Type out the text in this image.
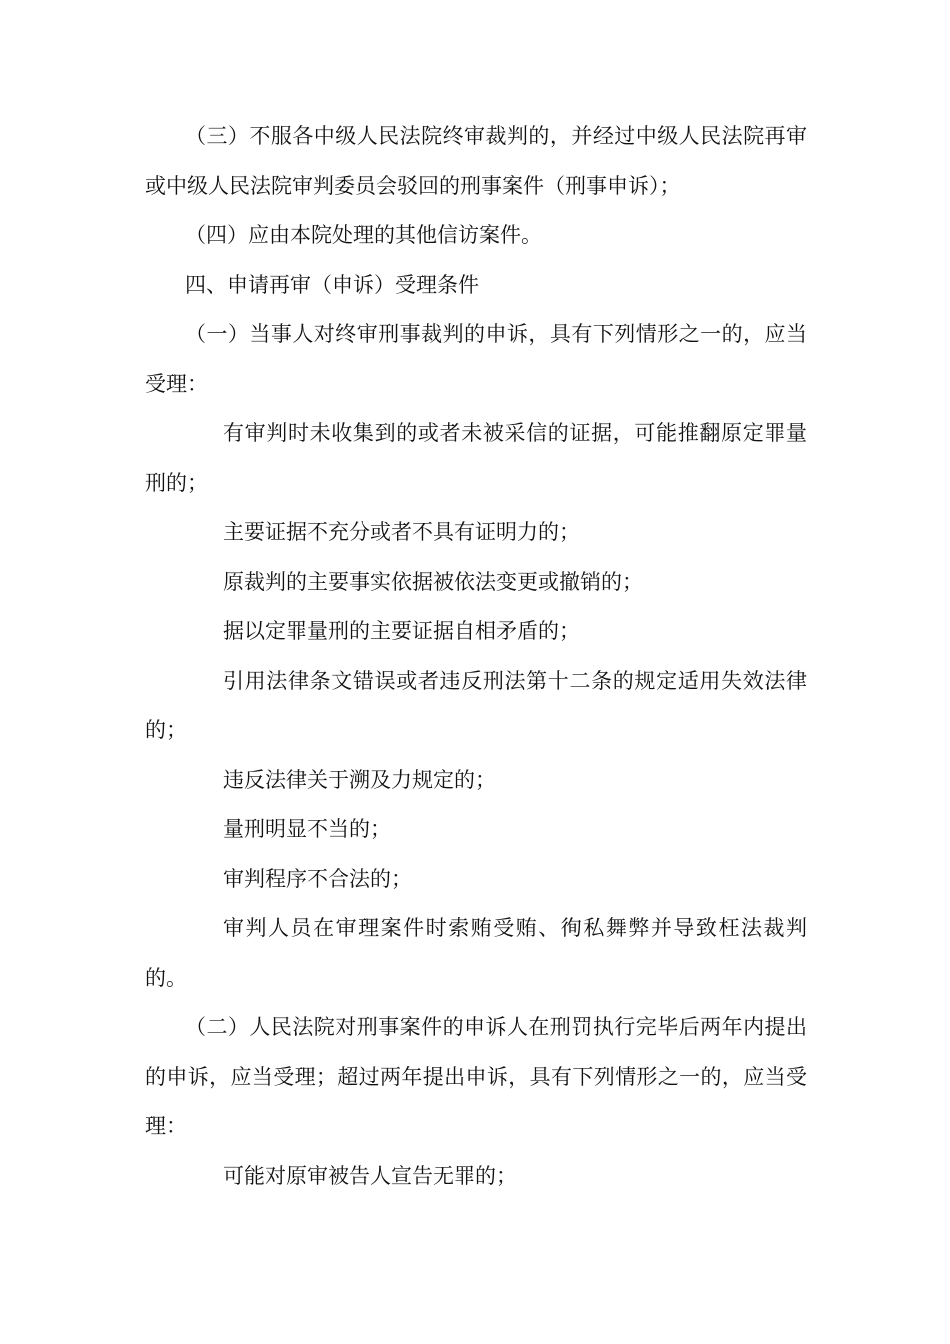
（三）不服各中级人民法院终审裁判的，并经过中级人民法院再审或中级人民法院审判委员会驳回的刑事案件（刑事申诉）；

（四）应由本院处理的其他信访案件。

四、申请再审（申诉）受理条件

（一）当事人对终审刑事裁判的申诉，具有下列情形之一的，应当受理：

有审判时未收集到的或者未被采信的证据，可能推翻原定罪量刑的；

主要证据不充分或者不具有证明力的；

原裁判的主要事实依据被依法变更或撤销的；

据以定罪量刑的主要证据自相矛盾的；

引用法律条文错误或者违反刑法第十二条的规定适用失效法律的；

违反法律关于溯及力规定的；

量刑明显不当的；

审判程序不合法的；

审判人员在审理案件时索贿受贿、徇私舞弊并导致枉法裁判的。

（二）人民法院对刑事案件的申诉人在刑罚执行完毕后两年内提出的申诉，应当受理；超过两年提出申诉，具有下列情形之一的，应当受理：

可能对原审被告人宣告无罪的；
